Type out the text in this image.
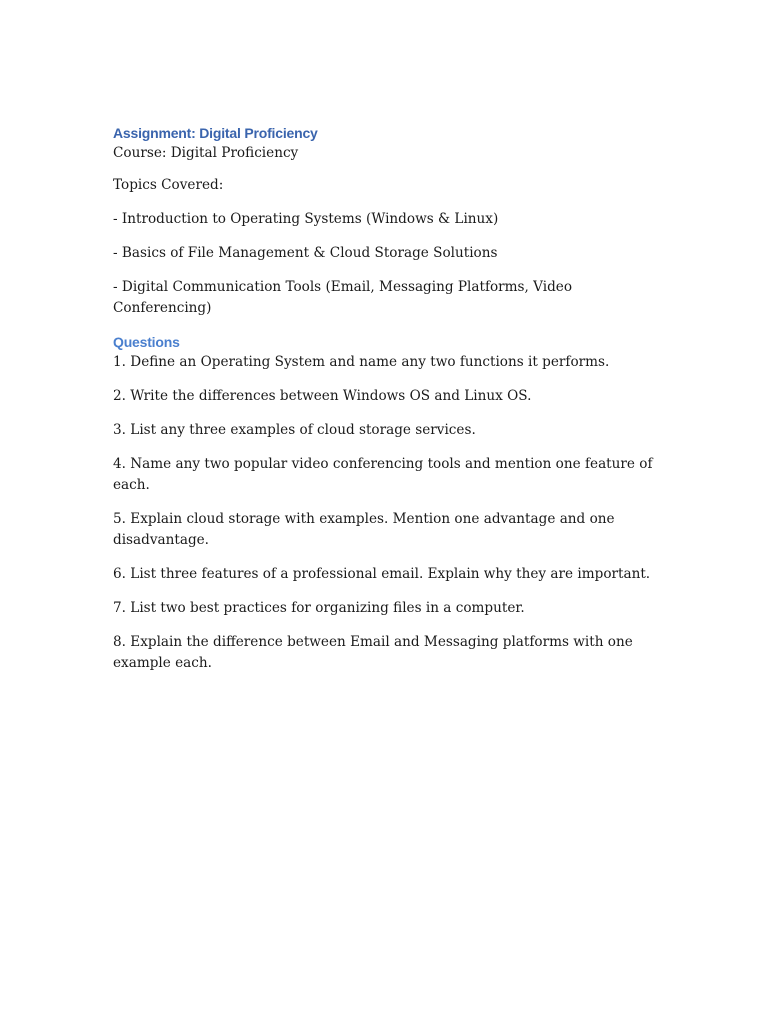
Assignment: Digital Proficiency

Course: Digital Proficiency

Topics Covered:

- Introduction to Operating Systems (Windows & Linux)

- Basics of File Management & Cloud Storage Solutions

- Digital Communication Tools (Email, Messaging Platforms, Video Conferencing)

Questions

1. Define an Operating System and name any two functions it performs.

2. Write the differences between Windows OS and Linux OS.

3. List any three examples of cloud storage services.

4. Name any two popular video conferencing tools and mention one feature of each.

5. Explain cloud storage with examples. Mention one advantage and one disadvantage.

6. List three features of a professional email. Explain why they are important.

7. List two best practices for organizing files in a computer.

8. Explain the difference between Email and Messaging platforms with one example each.
